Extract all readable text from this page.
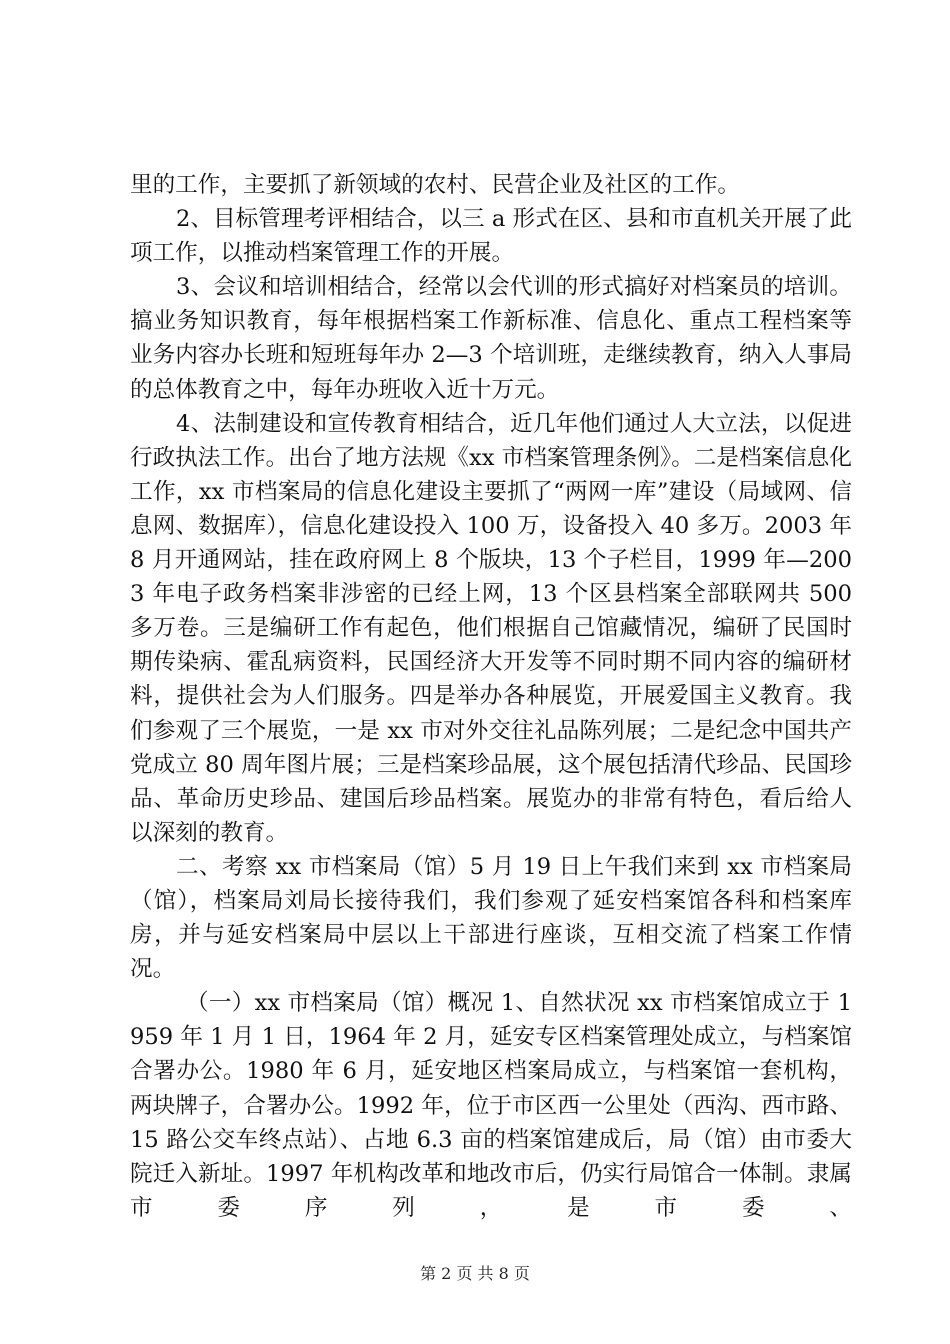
里的工作，主要抓了新领域的农村、民营企业及社区的工作。

2、目标管理考评相结合，以三 a 形式在区、县和市直机关开展了此项工作，以推动档案管理工作的开展。

3、会议和培训相结合，经常以会代训的形式搞好对档案员的培训。搞业务知识教育，每年根据档案工作新标准、信息化、重点工程档案等业务内容办长班和短班每年办 2—3 个培训班，走继续教育，纳入人事局的总体教育之中，每年办班收入近十万元。

4、法制建设和宣传教育相结合，近几年他们通过人大立法，以促进行政执法工作。出台了地方法规《xx 市档案管理条例》。二是档案信息化工作，xx 市档案局的信息化建设主要抓了“两网一库”建设（局域网、信息网、数据库），信息化建设投入 100 万，设备投入 40 多万。2003 年 8 月开通网站，挂在政府网上 8 个版块，13 个子栏目，1999 年—2003 年电子政务档案非涉密的已经上网，13 个区县档案全部联网共 500 多万卷。三是编研工作有起色，他们根据自己馆藏情况，编研了民国时期传染病、霍乱病资料，民国经济大开发等不同时期不同内容的编研材料，提供社会为人们服务。四是举办各种展览，开展爱国主义教育。我们参观了三个展览，一是 xx 市对外交往礼品陈列展；二是纪念中国共产党成立 80 周年图片展；三是档案珍品展，这个展包括清代珍品、民国珍品、革命历史珍品、建国后珍品档案。展览办的非常有特色，看后给人以深刻的教育。

二、考察 xx 市档案局（馆）5 月 19 日上午我们来到 xx 市档案局（馆），档案局刘局长接待我们，我们参观了延安档案馆各科和档案库房，并与延安档案局中层以上干部进行座谈，互相交流了档案工作情况。

（一）xx 市档案局（馆）概况 1、自然状况 xx 市档案馆成立于 1959 年 1 月 1 日，1964 年 2 月，延安专区档案管理处成立，与档案馆合署办公。1980 年 6 月，延安地区档案局成立，与档案馆一套机构，两块牌子，合署办公。1992 年，位于市区西一公里处（西沟、西市路、15 路公交车终点站）、占地 6.3 亩的档案馆建成后，局（馆）由市委大院迁入新址。1997 年机构改革和地改市后，仍实行局馆合一体制。隶属市委序列，是市委、

第 2 页 共 8 页
